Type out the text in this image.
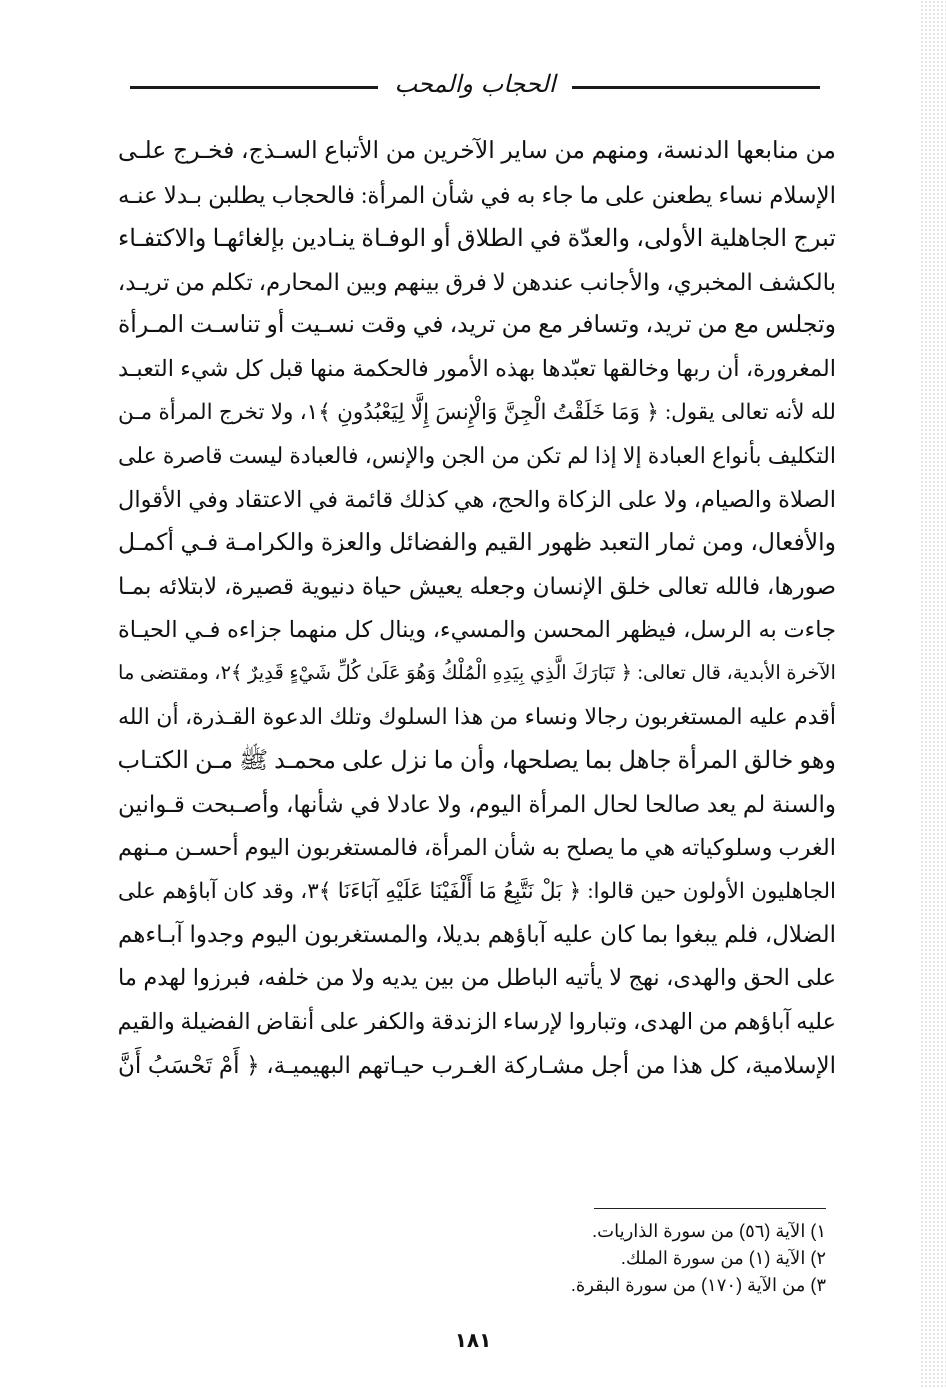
الحجاب والمحب
من منابعها الدنسة، ومنهم من ساير الآخرين من الأتباع السـذج، فخـرج علـى
الإسلام نساء يطعنن على ما جاء به في شأن المرأة: فالحجاب يطلبن بـدلا عنـه
تبرج الجاهلية الأولى، والعدّة في الطلاق أو الوفـاة ينـادين بإلغائهـا والاكتفـاء
بالكشف المخبري، والأجانب عندهن لا فرق بينهم وبين المحارم، تكلم من تريـد،
وتجلس مع من تريد، وتسافر مع من تريد، في وقت نسـيت أو تناسـت المـرأة
المغرورة، أن ربها وخالقها تعبّدها بهذه الأمور فالحكمة منها قبل كل شيء التعبـد
لله لأنه تعالى يقول: ﴿ وَمَا خَلَقْتُ الْجِنَّ وَالْإِنسَ إِلَّا لِيَعْبُدُونِ ﴾١، ولا تخرج المرأة مـن
التكليف بأنواع العبادة إلا إذا لم تكن من الجن والإنس، فالعبادة ليست قاصرة على
الصلاة والصيام، ولا على الزكاة والحج، هي كذلك قائمة في الاعتقاد وفي الأقوال
والأفعال، ومن ثمار التعبد ظهور القيم والفضائل والعزة والكرامـة فـي أكمـل
صورها، فالله تعالى خلق الإنسان وجعله يعيش حياة دنيوية قصيرة، لابتلائه بمـا
جاءت به الرسل، فيظهر المحسن والمسيء، وينال كل منهما جزاءه فـي الحيـاة
الآخرة الأبدية، قال تعالى: ﴿ تَبَارَكَ الَّذِي بِيَدِهِ الْمُلْكُ وَهُوَ عَلَىٰ كُلِّ شَيْءٍ قَدِيرٌ ﴾٢، ومقتضى ما
أقدم عليه المستغربون رجالا ونساء من هذا السلوك وتلك الدعوة القـذرة، أن الله
وهو خالق المرأة جاهل بما يصلحها، وأن ما نزل على محمـد ﷺ مـن الكتـاب
والسنة لم يعد صالحا لحال المرأة اليوم، ولا عادلا في شأنها، وأصـبحت قـوانين
الغرب وسلوكياته هي ما يصلح به شأن المرأة، فالمستغربون اليوم أحسـن مـنهم
الجاهليون الأولون حين قالوا: ﴿ بَلْ نَتَّبِعُ مَا أَلْفَيْنَا عَلَيْهِ آبَاءَنَا ﴾٣، وقد كان آباؤهم على
الضلال، فلم يبغوا بما كان عليه آباؤهم بديلا، والمستغربون اليوم وجدوا آبـاءهم
على الحق والهدى، نهج لا يأتيه الباطل من بين يديه ولا من خلفه، فبرزوا لهدم ما
عليه آباؤهم من الهدى، وتباروا لإرساء الزندقة والكفر على أنقاض الفضيلة والقيم
الإسلامية، كل هذا من أجل مشـاركة الغـرب حيـاتهم البهيميـة، ﴿ أَمْ تَحْسَبُ أَنَّ
١) الآية (٥٦) من سورة الذاريات.
٢) الآية (١) من سورة الملك.
٣) من الآية (١٧٠) من سورة البقرة.
١٨١
